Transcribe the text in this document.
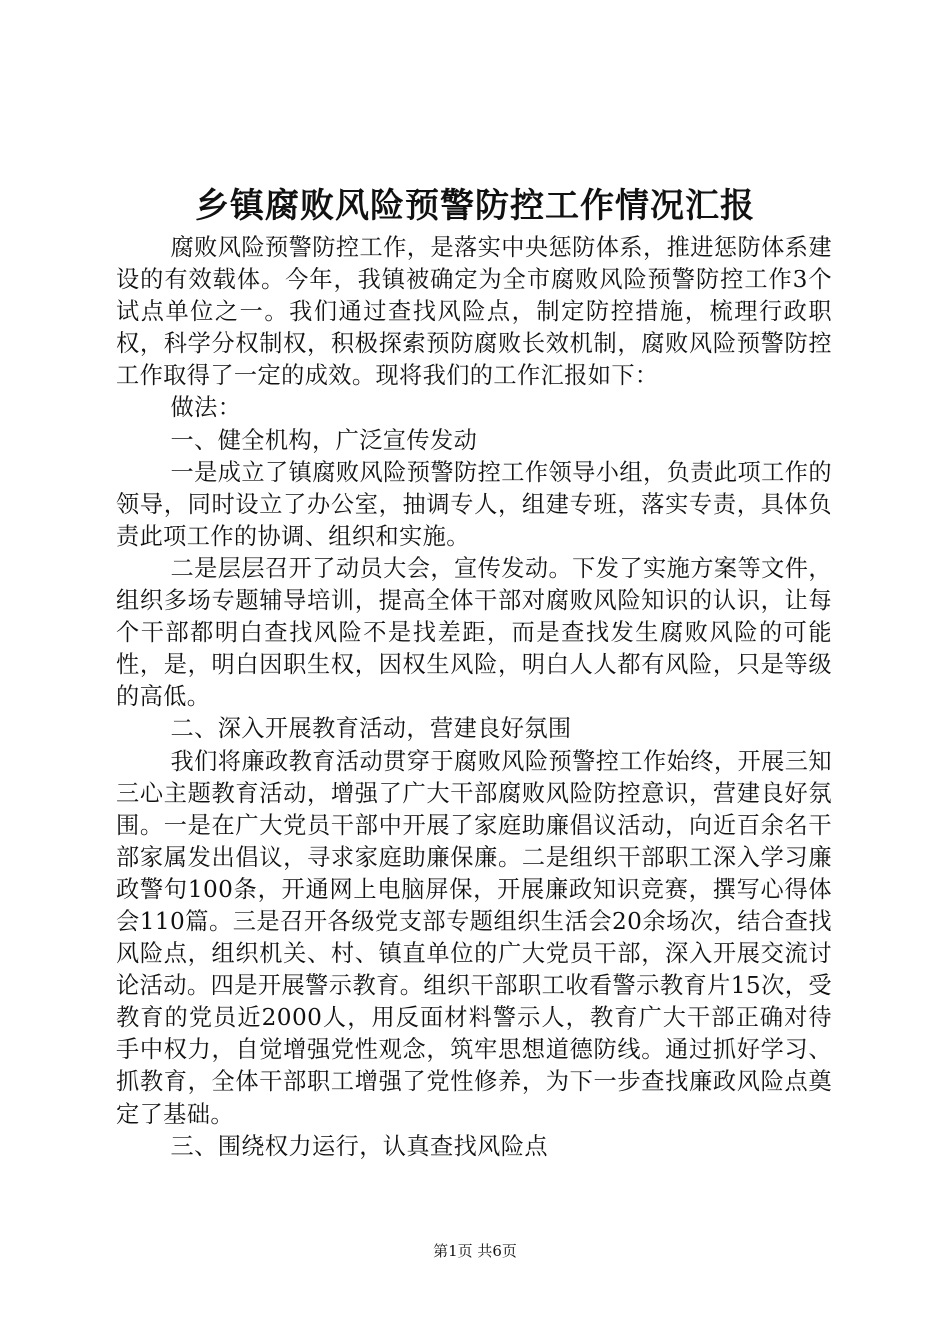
乡镇腐败风险预警防控工作情况汇报

腐败风险预警防控工作，是落实中央惩防体系，推进惩防体系建设的有效载体。今年，我镇被确定为全市腐败风险预警防控工作3个试点单位之一。我们通过查找风险点，制定防控措施，梳理行政职权，科学分权制权，积极探索预防腐败长效机制，腐败风险预警防控工作取得了一定的成效。现将我们的工作汇报如下：

做法：

一、健全机构，广泛宣传发动

一是成立了镇腐败风险预警防控工作领导小组，负责此项工作的领导，同时设立了办公室，抽调专人，组建专班，落实专责，具体负责此项工作的协调、组织和实施。

二是层层召开了动员大会，宣传发动。下发了实施方案等文件，组织多场专题辅导培训，提高全体干部对腐败风险知识的认识，让每个干部都明白查找风险不是找差距，而是查找发生腐败风险的可能性，是，明白因职生权，因权生风险，明白人人都有风险，只是等级的高低。

二、深入开展教育活动，营建良好氛围

我们将廉政教育活动贯穿于腐败风险预警控工作始终，开展三知三心主题教育活动，增强了广大干部腐败风险防控意识，营建良好氛围。一是在广大党员干部中开展了家庭助廉倡议活动，向近百余名干部家属发出倡议，寻求家庭助廉保廉。二是组织干部职工深入学习廉政警句100条，开通网上电脑屏保，开展廉政知识竞赛，撰写心得体会110篇。三是召开各级党支部专题组织生活会20余场次，结合查找风险点，组织机关、村、镇直单位的广大党员干部，深入开展交流讨论活动。四是开展警示教育。组织干部职工收看警示教育片15次，受教育的党员近2000人，用反面材料警示人，教育广大干部正确对待手中权力，自觉增强党性观念，筑牢思想道德防线。通过抓好学习、抓教育，全体干部职工增强了党性修养，为下一步查找廉政风险点奠定了基础。

三、围绕权力运行，认真查找风险点

第1页 共6页
